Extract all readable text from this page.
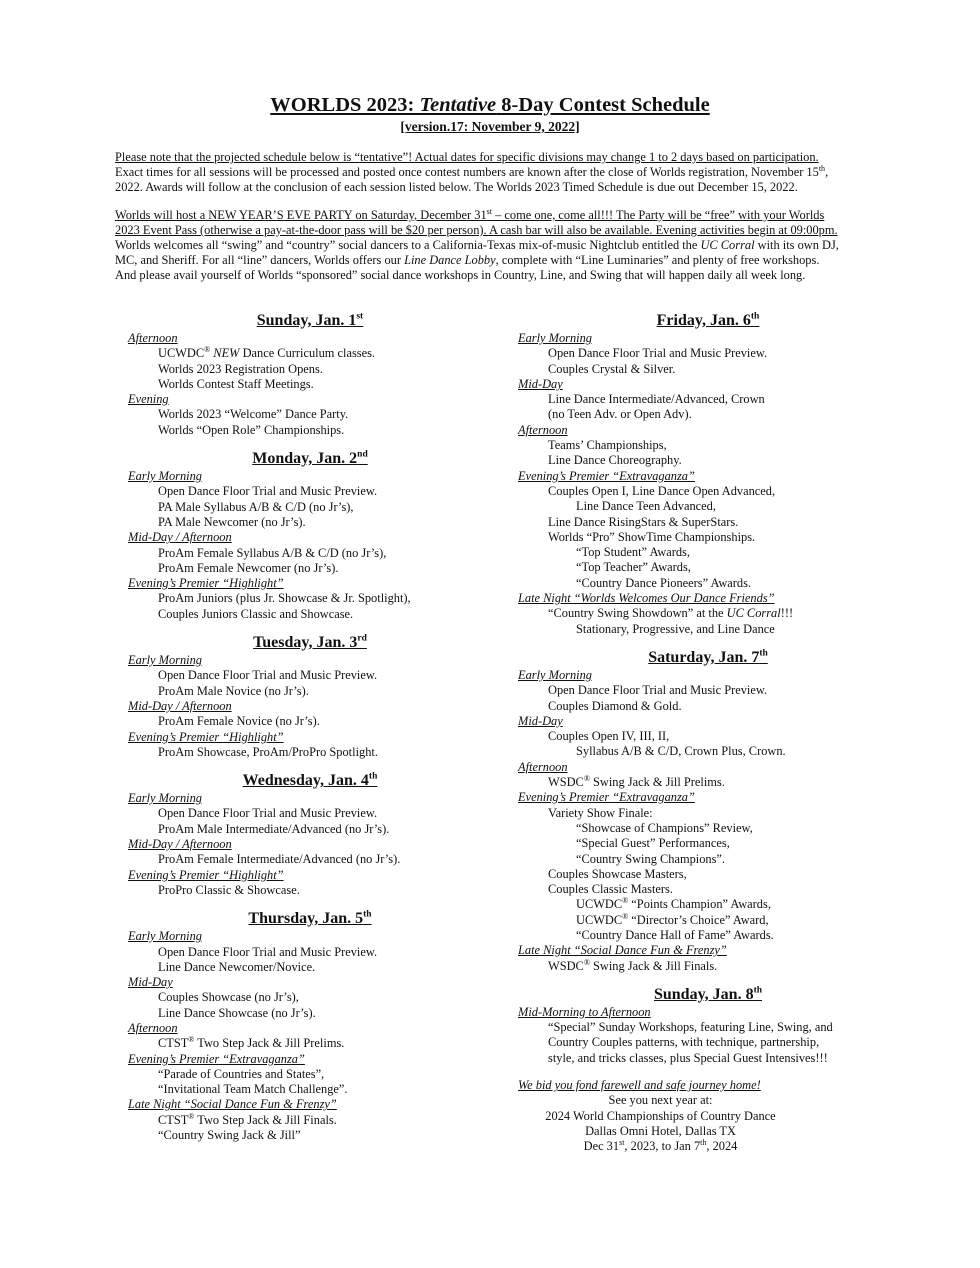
WORLDS 2023: Tentative 8-Day Contest Schedule
[version.17: November 9, 2022]
Please note that the projected schedule below is “tentative”! Actual dates for specific divisions may change 1 to 2 days based on participation.
Exact times for all sessions will be processed and posted once contest numbers are known after the close of Worlds registration, November 15th,
2022. Awards will follow at the conclusion of each session listed below. The Worlds 2023 Timed Schedule is due out December 15, 2022.
Worlds will host a NEW YEAR’S EVE PARTY on Saturday, December 31st – come one, come all!!! The Party will be “free” with your Worlds
2023 Event Pass (otherwise a pay-at-the-door pass will be $20 per person). A cash bar will also be available. Evening activities begin at 09:00pm.
Worlds welcomes all “swing” and “country” social dancers to a California-Texas mix-of-music Nightclub entitled the UC Corral with its own DJ,
MC, and Sheriff. For all “line” dancers, Worlds offers our Line Dance Lobby, complete with “Line Luminaries” and plenty of free workshops.
And please avail yourself of Worlds “sponsored” social dance workshops in Country, Line, and Swing that will happen daily all week long.
Sunday, Jan. 1st
Afternoon
UCWDC® NEW Dance Curriculum classes.
Worlds 2023 Registration Opens.
Worlds Contest Staff Meetings.
Evening
Worlds 2023 “Welcome” Dance Party.
Worlds “Open Role” Championships.
Monday, Jan. 2nd
Early Morning
Open Dance Floor Trial and Music Preview.
PA Male Syllabus A/B & C/D (no Jr’s),
PA Male Newcomer (no Jr’s).
Mid-Day / Afternoon
ProAm Female Syllabus A/B & C/D (no Jr’s),
ProAm Female Newcomer (no Jr’s).
Evening’s Premier “Highlight”
ProAm Juniors (plus Jr. Showcase & Jr. Spotlight),
Couples Juniors Classic and Showcase.
Tuesday, Jan. 3rd
Early Morning
Open Dance Floor Trial and Music Preview.
ProAm Male Novice (no Jr’s).
Mid-Day / Afternoon
ProAm Female Novice (no Jr’s).
Evening’s Premier “Highlight”
ProAm Showcase, ProAm/ProPro Spotlight.
Wednesday, Jan. 4th
Early Morning
Open Dance Floor Trial and Music Preview.
ProAm Male Intermediate/Advanced (no Jr’s).
Mid-Day / Afternoon
ProAm Female Intermediate/Advanced (no Jr’s).
Evening’s Premier “Highlight”
ProPro Classic & Showcase.
Thursday, Jan. 5th
Early Morning
Open Dance Floor Trial and Music Preview.
Line Dance Newcomer/Novice.
Mid-Day
Couples Showcase (no Jr’s),
Line Dance Showcase (no Jr’s).
Afternoon
CTST® Two Step Jack & Jill Prelims.
Evening’s Premier “Extravaganza”
“Parade of Countries and States”,
“Invitational Team Match Challenge”.
Late Night “Social Dance Fun & Frenzy”
CTST® Two Step Jack & Jill Finals.
“Country Swing Jack & Jill”
Friday, Jan. 6th
Early Morning
Open Dance Floor Trial and Music Preview.
Couples Crystal & Silver.
Mid-Day
Line Dance Intermediate/Advanced, Crown
(no Teen Adv. or Open Adv).
Afternoon
Teams’ Championships,
Line Dance Choreography.
Evening’s Premier “Extravaganza”
Couples Open I, Line Dance Open Advanced,
Line Dance Teen Advanced,
Line Dance RisingStars & SuperStars.
Worlds “Pro” ShowTime Championships.
“Top Student” Awards,
“Top Teacher” Awards,
“Country Dance Pioneers” Awards.
Late Night “Worlds Welcomes Our Dance Friends”
“Country Swing Showdown” at the UC Corral!!!
Stationary, Progressive, and Line Dance
Saturday, Jan. 7th
Early Morning
Open Dance Floor Trial and Music Preview.
Couples Diamond & Gold.
Mid-Day
Couples Open IV, III, II,
Syllabus A/B & C/D, Crown Plus, Crown.
Afternoon
WSDC® Swing Jack & Jill Prelims.
Evening’s Premier “Extravaganza”
Variety Show Finale:
“Showcase of Champions” Review,
“Special Guest” Performances,
“Country Swing Champions”.
Couples Showcase Masters,
Couples Classic Masters.
UCWDC® “Points Champion” Awards,
UCWDC® “Director’s Choice” Award,
“Country Dance Hall of Fame” Awards.
Late Night “Social Dance Fun & Frenzy”
WSDC® Swing Jack & Jill Finals.
Sunday, Jan. 8th
Mid-Morning to Afternoon
“Special” Sunday Workshops, featuring Line, Swing, and
Country Couples patterns, with technique, partnership,
style, and tricks classes, plus Special Guest Intensives!!!
We bid you fond farewell and safe journey home!
See you next year at:
2024 World Championships of Country Dance
Dallas Omni Hotel, Dallas TX
Dec 31st, 2023, to Jan 7th, 2024
